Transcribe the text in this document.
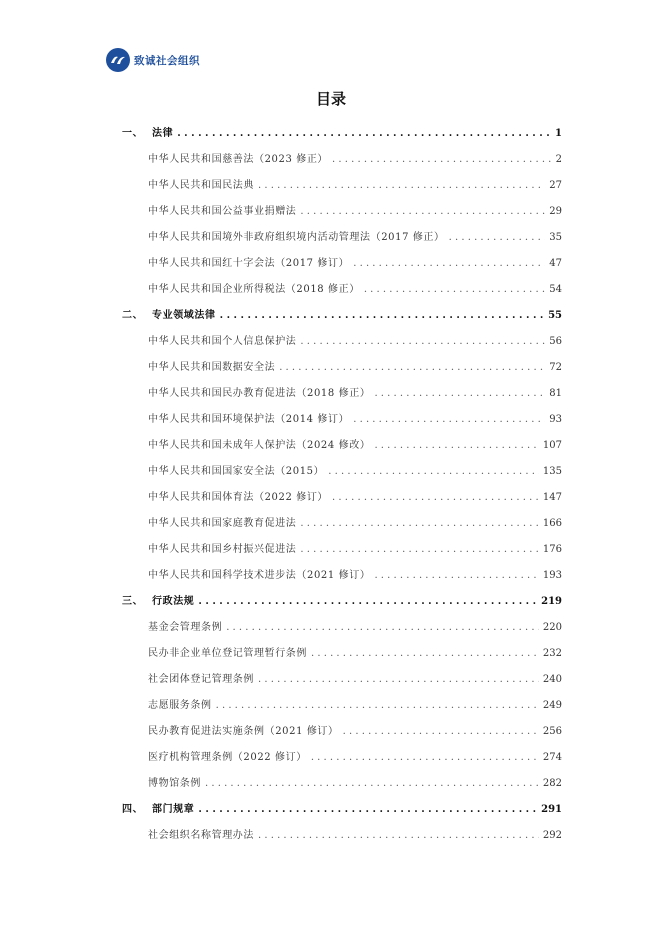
致诚社会组织
目录
一、 法律 . . .	1
中华人民共和国慈善法（2023 修正） . . .	2
中华人民共和国民法典 . . .	27
中华人民共和国公益事业捐赠法 . . .	29
中华人民共和国境外非政府组织境内活动管理法（2017 修正） . . .	35
中华人民共和国红十字会法（2017 修订） . . .	47
中华人民共和国企业所得税法（2018 修正） . . .	54
二、 专业领域法律 . . .	55
中华人民共和国个人信息保护法 . . .	56
中华人民共和国数据安全法 . . .	72
中华人民共和国民办教育促进法（2018 修正） . . .	81
中华人民共和国环境保护法（2014 修订） . . .	93
中华人民共和国未成年人保护法（2024 修改） . . .	107
中华人民共和国国家安全法（2015） . . .	135
中华人民共和国体育法（2022 修订） . . .	147
中华人民共和国家庭教育促进法 . . .	166
中华人民共和国乡村振兴促进法 . . .	176
中华人民共和国科学技术进步法（2021 修订） . . .	193
三、 行政法规 . . .	219
基金会管理条例 . . .	220
民办非企业单位登记管理暂行条例 . . .	232
社会团体登记管理条例 . . .	240
志愿服务条例 . . .	249
民办教育促进法实施条例（2021 修订） . . .	256
医疗机构管理条例（2022 修订） . . .	274
博物馆条例 . . .	282
四、 部门规章 . . .	291
社会组织名称管理办法 . . .	292
